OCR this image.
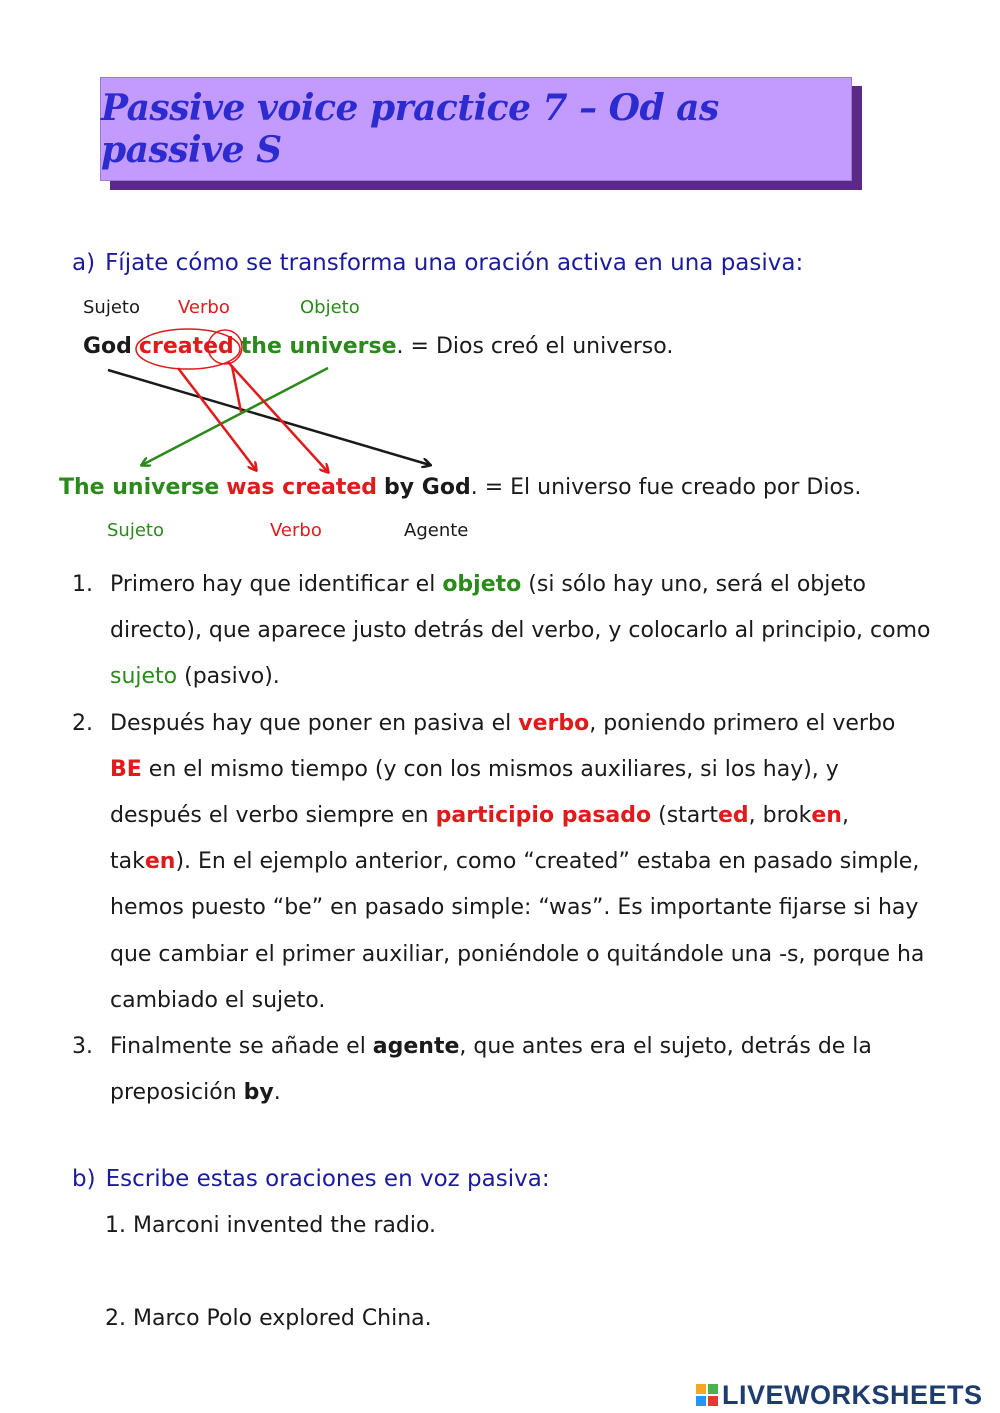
Passive voice practice 7 – Od as passive S
a) Fíjate cómo se transforma una oración activa en una pasiva:
Sujeto Verbo	Objeto
God created the universe. = Dios creó el universo.
The universe was created by God. = El universo fue creado por Dios.
Sujeto	Verbo	Agente
1. Primero hay que identificar el objeto (si sólo hay uno, será el objeto directo), que aparece justo detrás del verbo, y colocarlo al principio, como sujeto (pasivo).
2. Después hay que poner en pasiva el verbo, poniendo primero el verbo BE en el mismo tiempo (y con los mismos auxiliares, si los hay), y después el verbo siempre en participio pasado (started, broken, taken). En el ejemplo anterior, como “created” estaba en pasado simple, hemos puesto “be” en pasado simple: “was”. Es importante fijarse si hay que cambiar el primer auxiliar, poniéndole o quitándole una -s, porque ha cambiado el sujeto.
3. Finalmente se añade el agente, que antes era el sujeto, detrás de la preposición by.
b) Escribe estas oraciones en voz pasiva:
1. Marconi invented the radio.
2. Marco Polo explored China.
LIVEWORKSHEETS
